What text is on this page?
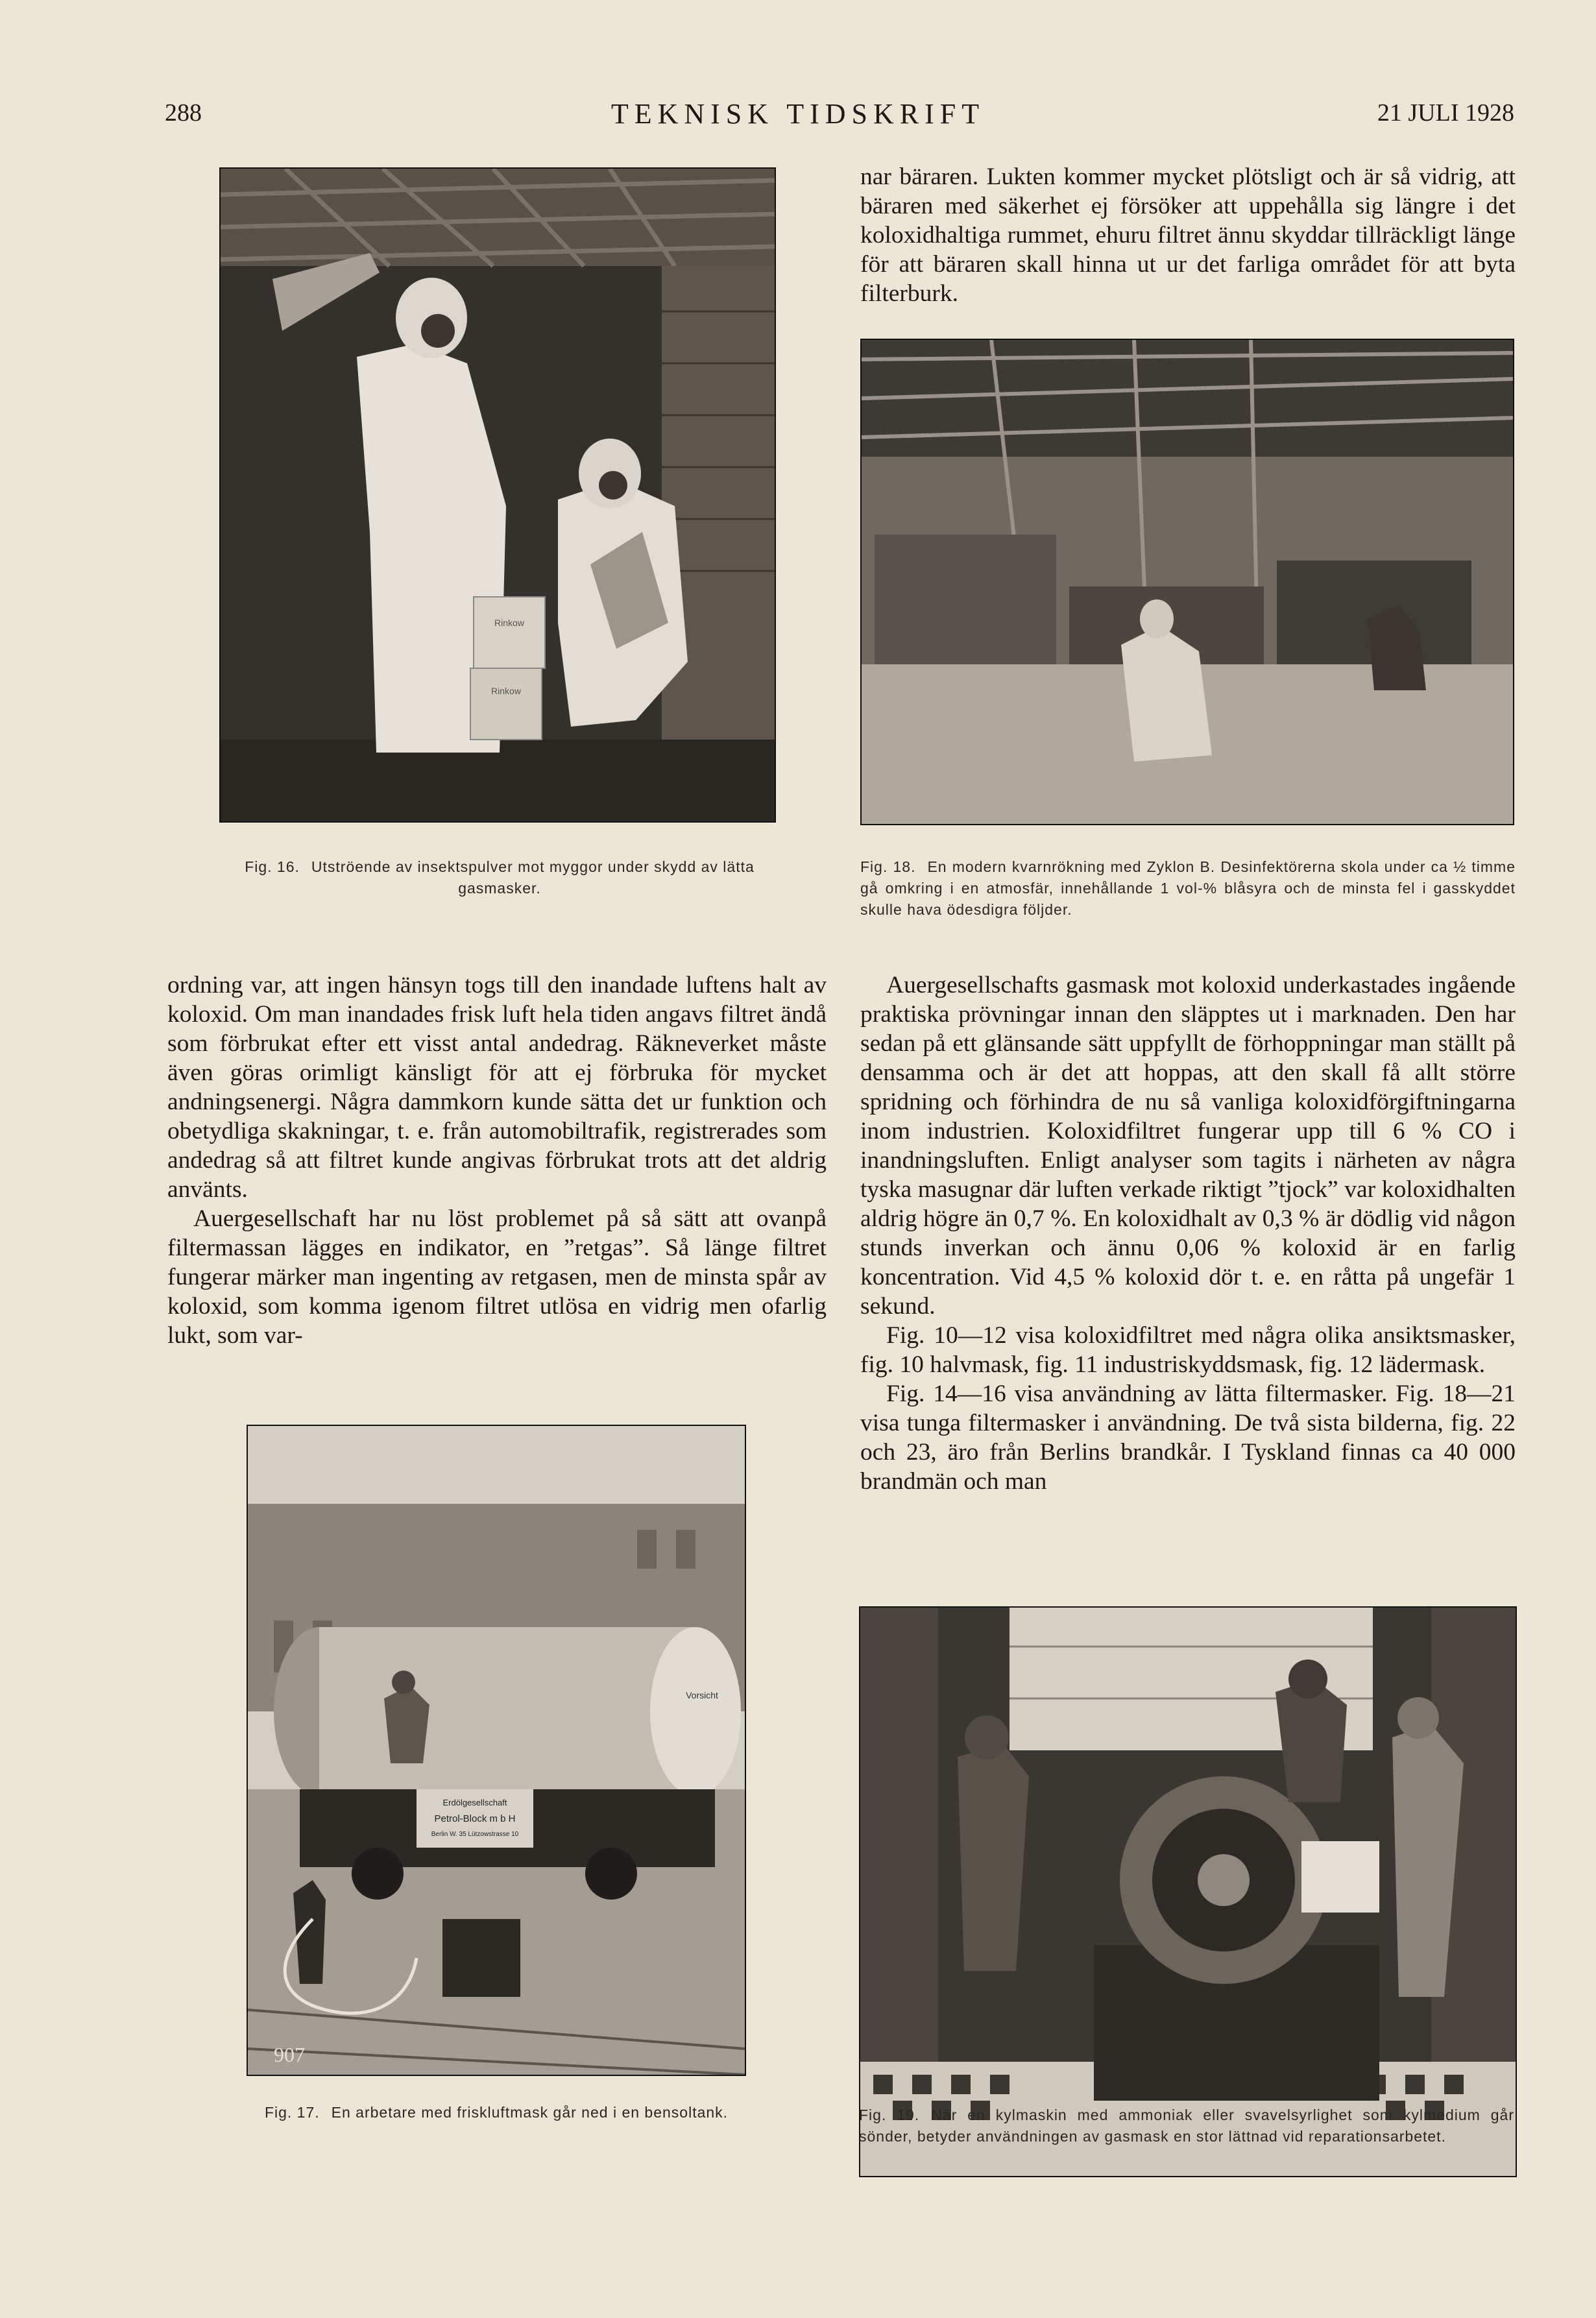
288	TEKNISK TIDSKRIFT	21 JULI 1928
Rinkow
Rinkow

nar bäraren. Lukten kommer mycket plötsligt och är så vidrig, att bäraren med säkerhet ej försöker att uppehålla sig längre i det koloxidhaltiga rummet, ehuru filtret ännu skyddar tillräckligt länge för att bäraren skall hinna ut ur det farliga området för att byta filterburk.

Fig. 16. Utströende av insektspulver mot myggor under skydd av lätta gasmasker.
Fig. 18. En modern kvarnrökning med Zyklon B. Desinfektörerna skola under ca ½ timme gå omkring i en atmosfär, innehållande 1 vol-% blåsyra och de minsta fel i gasskyddet skulle hava ödesdigra följder.

ordning var, att ingen hänsyn togs till den inandade luftens halt av koloxid. Om man inandades frisk luft hela tiden angavs filtret ändå som förbrukat efter ett visst antal andedrag. Räkneverket måste även göras orimligt känsligt för att ej förbruka för mycket andningsenergi. Några dammkorn kunde sätta det ur funktion och obetydliga skakningar, t. e. från automobiltrafik, registrerades som andedrag så att filtret kunde angivas förbrukat trots att det aldrig använts.

Auergesellschaft har nu löst problemet på så sätt att ovanpå filtermassan lägges en indikator, en ”retgas”. Så länge filtret fungerar märker man ingenting av retgasen, men de minsta spår av koloxid, som komma igenom filtret utlösa en vidrig men ofarlig lukt, som var-

Auergesellschafts gasmask mot koloxid underkastades ingående praktiska prövningar innan den släpptes ut i marknaden. Den har sedan på ett glänsande sätt uppfyllt de förhoppningar man ställt på densamma och är det att hoppas, att den skall få allt större spridning och förhindra de nu så vanliga koloxidförgiftningarna inom industrien. Koloxidfiltret fungerar upp till 6 % CO i inandningsluften. Enligt analyser som tagits i närheten av några tyska masugnar där luften verkade riktigt ”tjock” var koloxidhalten aldrig högre än 0,7 %. En koloxidhalt av 0,3 % är dödlig vid någon stunds inverkan och ännu 0,06 % koloxid är en farlig koncentration. Vid 4,5 % koloxid dör t. e. en råtta på ungefär 1 sekund.

Fig. 10—12 visa koloxidfiltret med några olika ansiktsmasker, fig. 10 halvmask, fig. 11 industriskyddsmask, fig. 12 lädermask.

Fig. 14—16 visa användning av lätta filtermasker. Fig. 18—21 visa tunga filtermasker i användning. De två sista bilderna, fig. 22 och 23, äro från Berlins brandkår. I Tyskland finnas ca 40 000 brandmän och man

Erdölgesellschaft
Petrol-Block m b H
Berlin W. 35 Lützowstrasse 10
Vorsicht
907
Fig. 17. En arbetare med friskluftmask går ned i en bensoltank.	Fig. 19. När en kylmaskin med ammoniak eller svavelsyrlighet som kylmedium går sönder, betyder användningen av gasmask en stor lättnad vid reparationsarbetet.
